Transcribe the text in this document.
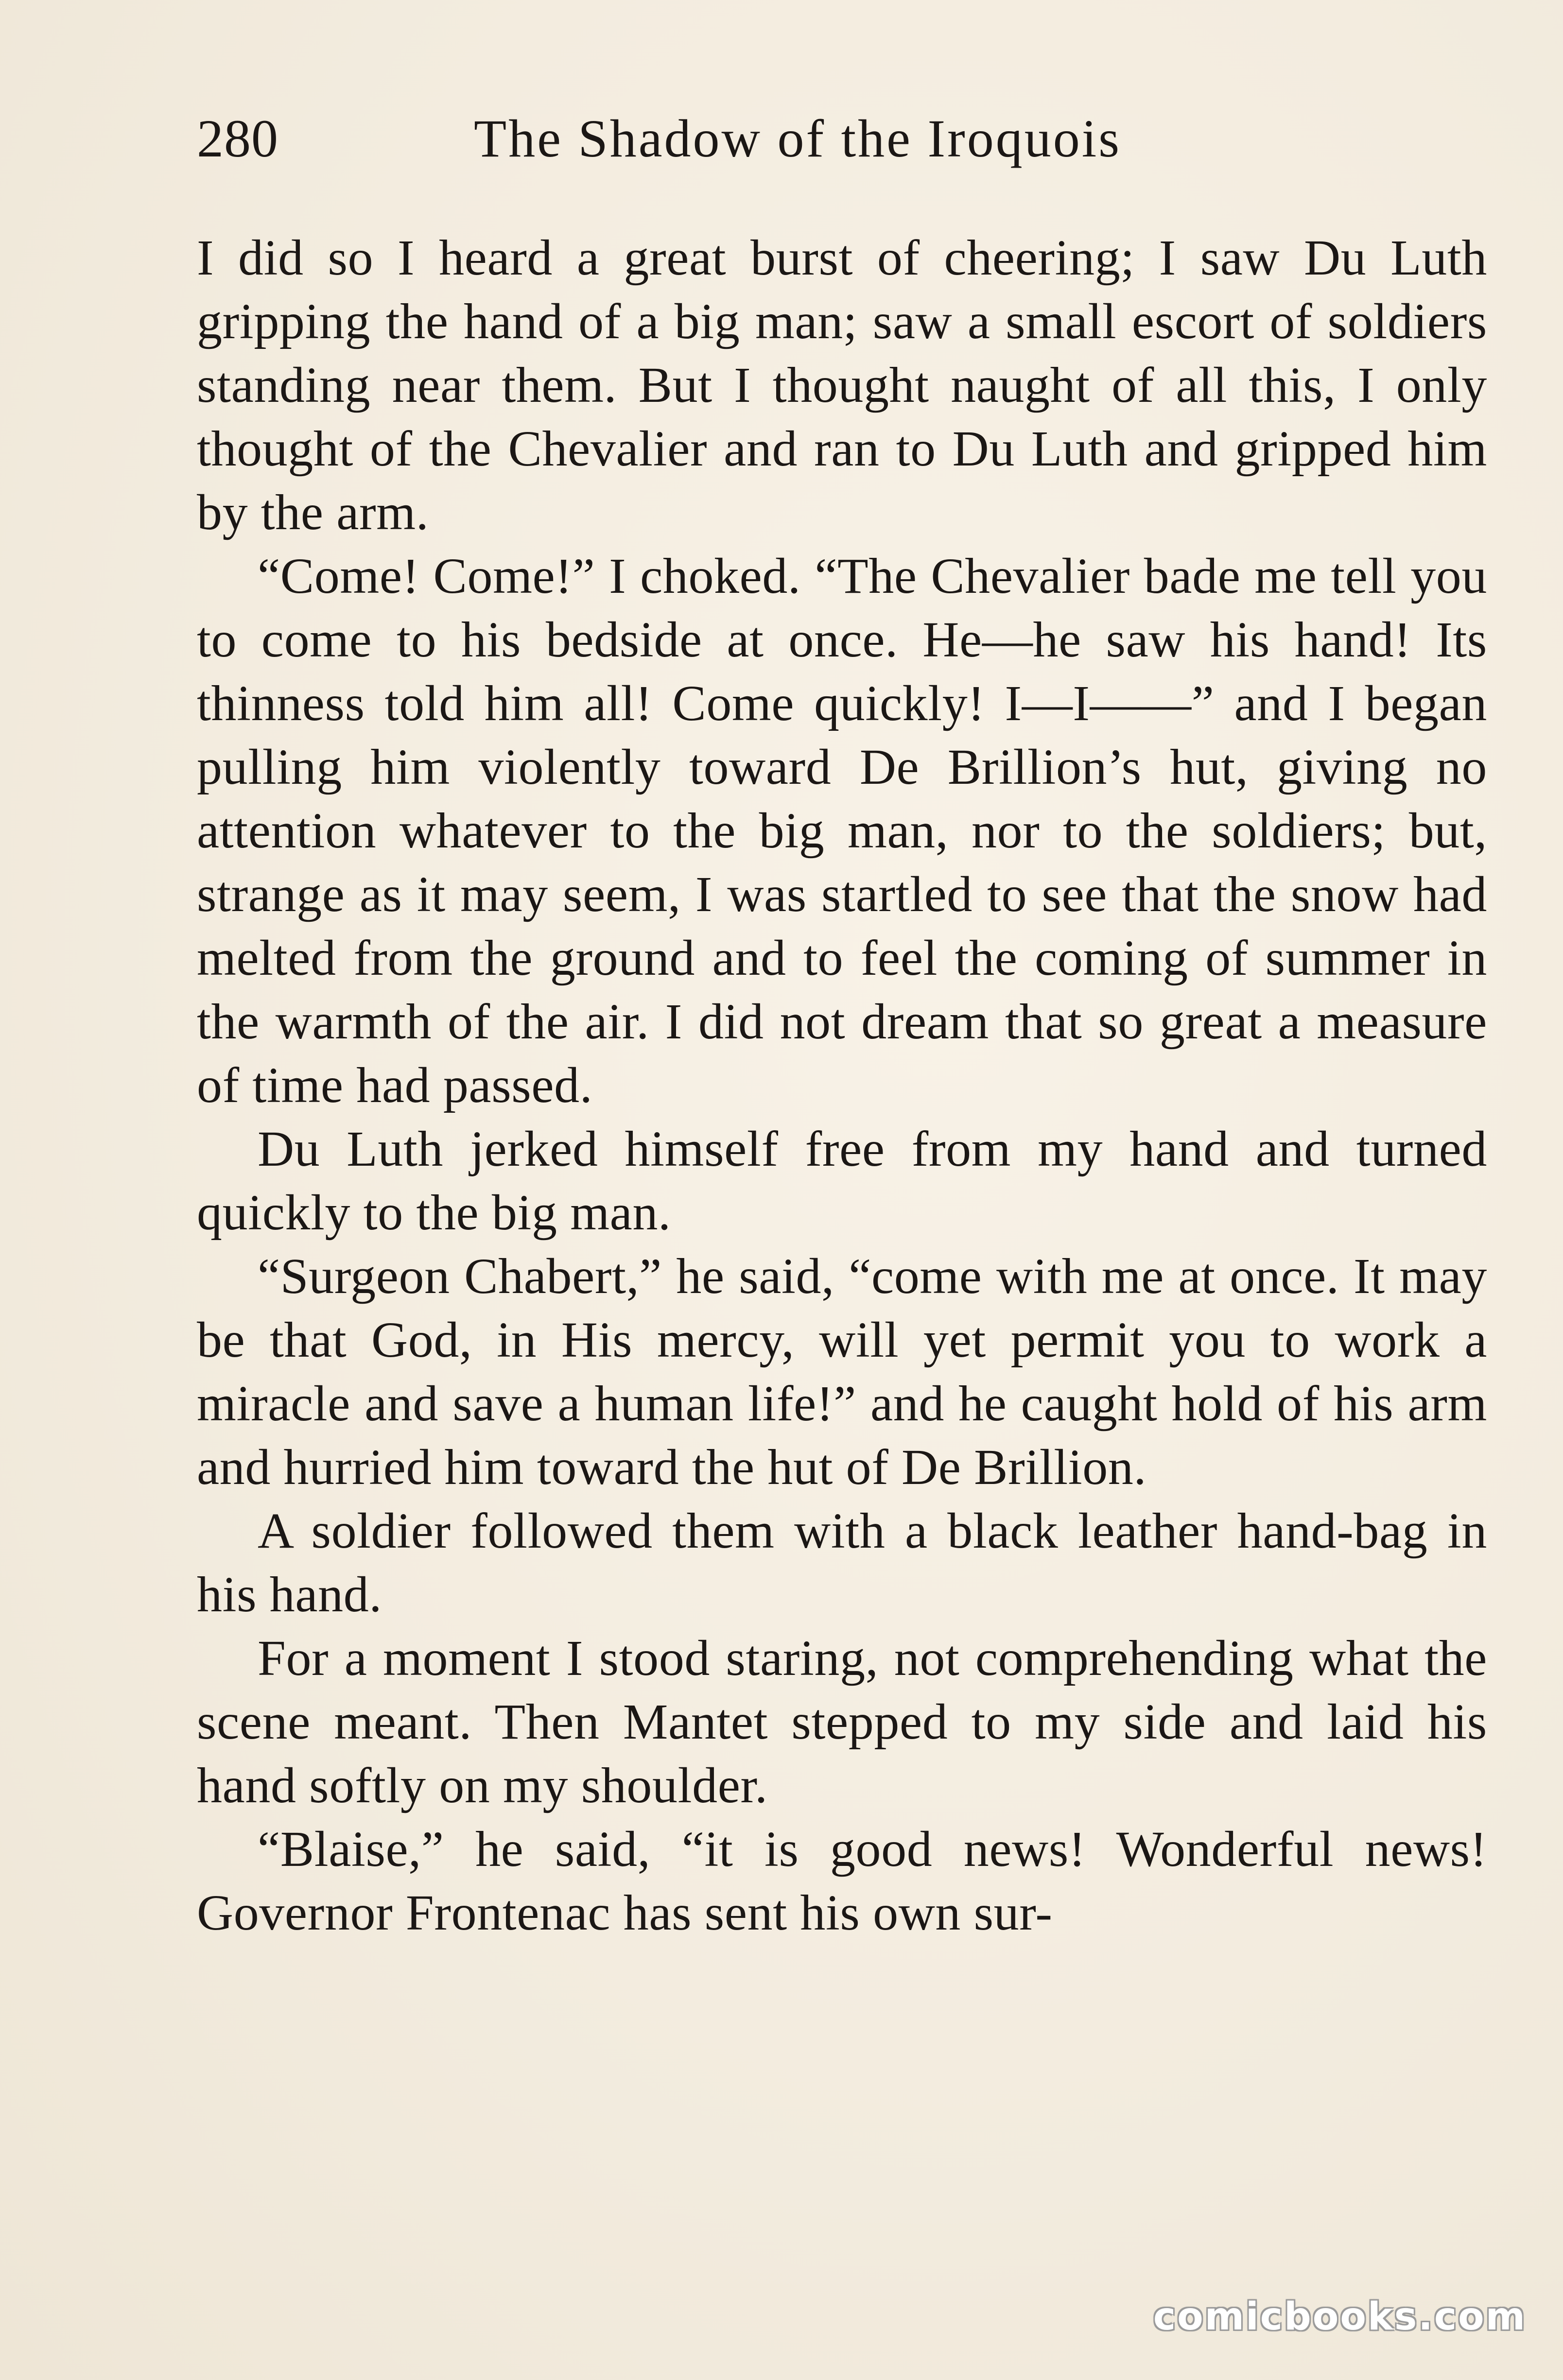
280	The Shadow of the Iroquois

I did so I heard a great burst of cheering; I saw Du Luth gripping the hand of a big man; saw a small escort of soldiers standing near them. But I thought naught of all this, I only thought of the Chevalier and ran to Du Luth and gripped him by the arm.

“Come! Come!” I choked. “The Chevalier bade me tell you to come to his bedside at once. He—he saw his hand! Its thinness told him all! Come quickly! I—I——” and I began pulling him violently toward De Brillion’s hut, giving no attention whatever to the big man, nor to the soldiers; but, strange as it may seem, I was startled to see that the snow had melted from the ground and to feel the coming of summer in the warmth of the air. I did not dream that so great a measure of time had passed.

Du Luth jerked himself free from my hand and turned quickly to the big man.

“Surgeon Chabert,” he said, “come with me at once. It may be that God, in His mercy, will yet permit you to work a miracle and save a human life!” and he caught hold of his arm and hurried him toward the hut of De Brillion.

A soldier followed them with a black leather hand-bag in his hand.

For a moment I stood staring, not comprehending what the scene meant. Then Mantet stepped to my side and laid his hand softly on my shoulder.

“Blaise,” he said, “it is good news! Wonderful news! Governor Frontenac has sent his own sur-

comicbooks.com
